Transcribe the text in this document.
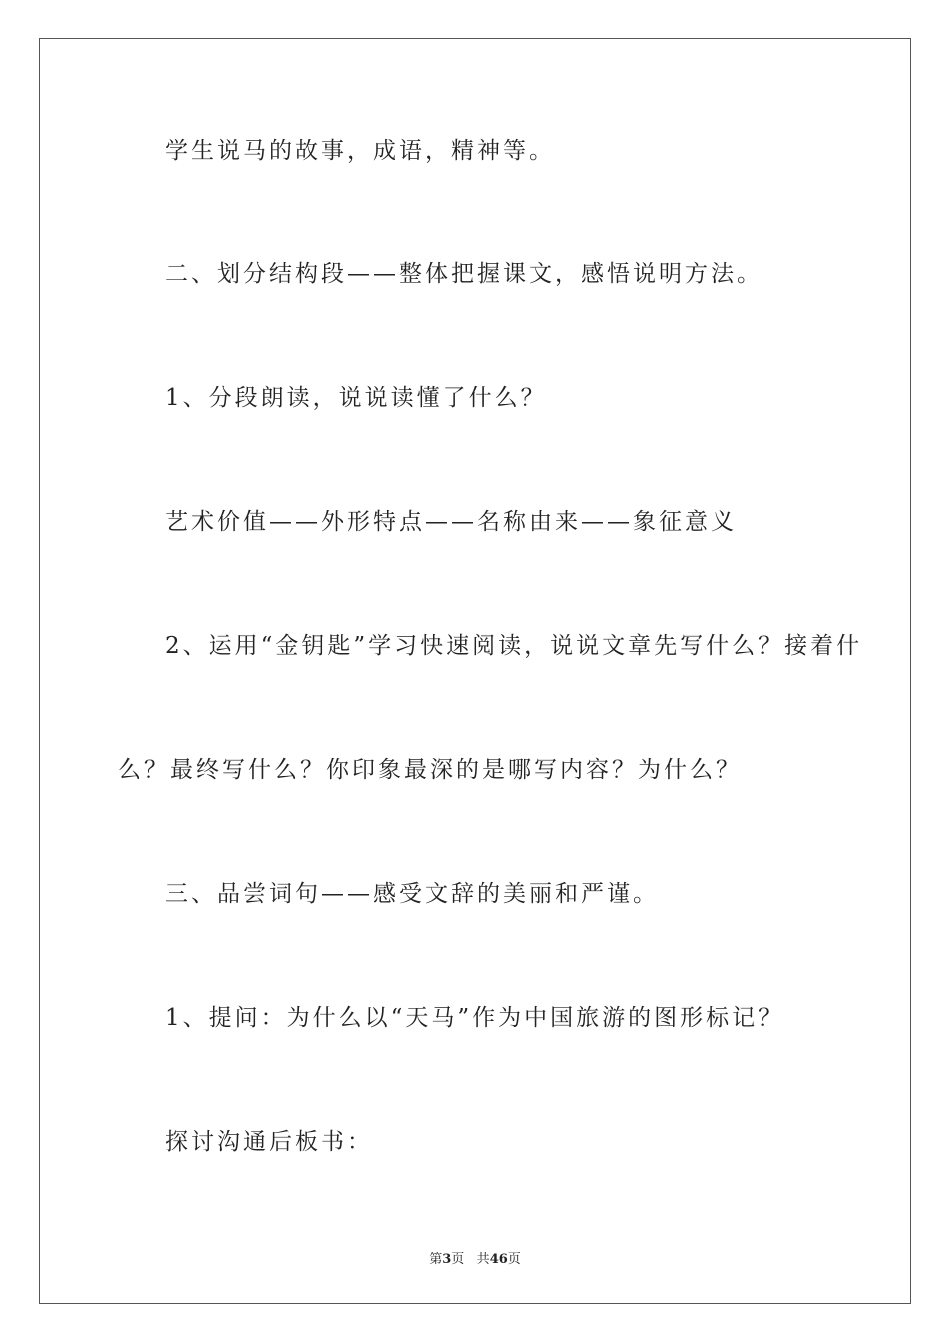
学生说马的故事，成语，精神等。
二、划分结构段——整体把握课文，感悟说明方法。
1、分段朗读，说说读懂了什么？
艺术价值——外形特点——名称由来——象征意义
2、运用“金钥匙”学习快速阅读，说说文章先写什么？接着什
么？最终写什么？你印象最深的是哪写内容？为什么？
三、品尝词句——感受文辞的美丽和严谨。
1、提问：为什么以“天马”作为中国旅游的图形标记？
探讨沟通后板书：
第3页 共46页
